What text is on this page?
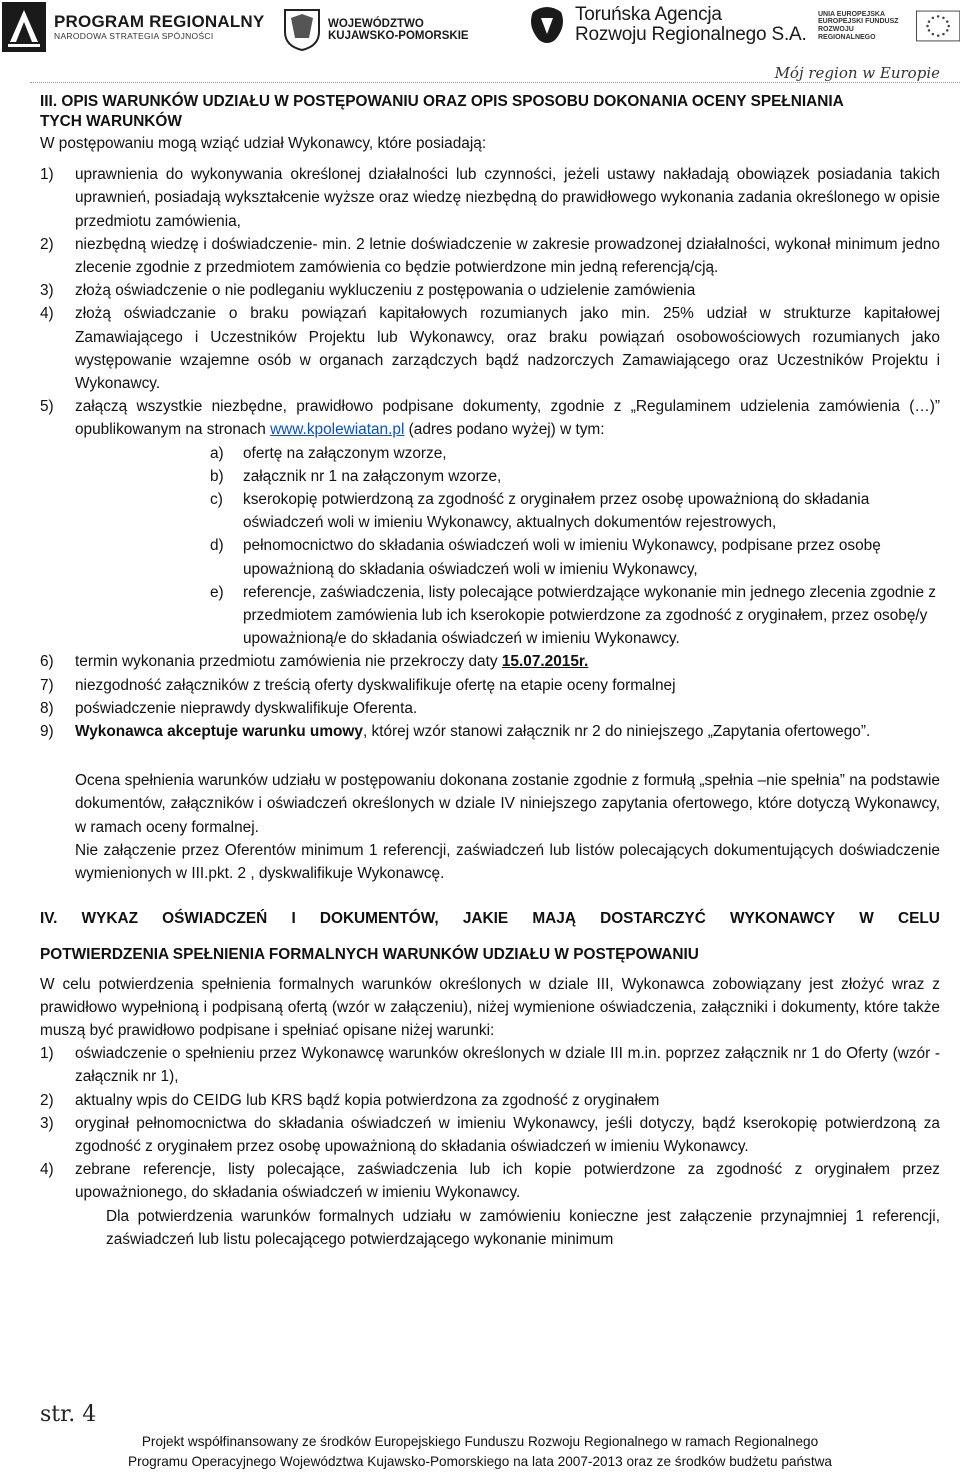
PROGRAM REGIONALNY
NARODOWA STRATEGIA SPÓJNOŚCI
WOJEWÓDZTWO
KUJAWSKO-POMORSKIE
Toruńska Agencja
Rozwoju Regionalnego S.A.
UNIA EUROPEJSKA
EUROPEJSKI FUNDUSZ
ROZWOJU REGIONALNEGO
Mój region w Europie

III. OPIS WARUNKÓW UDZIAŁU W POSTĘPOWANIU ORAZ OPIS SPOSOBU DOKONANIA OCENY SPEŁNIANIA

TYCH WARUNKÓW

W postępowaniu mogą wziąć udział Wykonawcy, które posiadają:

1)	uprawnienia do wykonywania określonej działalności lub czynności, jeżeli ustawy nakładają obowiązek posiadania takich uprawnień, posiadają wykształcenie wyższe oraz wiedzę niezbędną do prawidłowego wykonania zadania określonego w opisie przedmiotu zamówienia,
2)	niezbędną wiedzę i doświadczenie- min. 2 letnie doświadczenie w zakresie prowadzonej działalności, wykonał minimum jedno zlecenie zgodnie z przedmiotem zamówienia co będzie potwierdzone min jedną referencją/cją.
3)	złożą oświadczenie o nie podleganiu wykluczeniu z postępowania o udzielenie zamówienia
4)	złożą oświadczanie o braku powiązań kapitałowych rozumianych jako min. 25% udział w strukturze kapitałowej Zamawiającego i Uczestników Projektu lub Wykonawcy, oraz braku powiązań osobowościowych rozumianych jako występowanie wzajemne osób w organach zarządczych bądź nadzorczych Zamawiającego oraz Uczestników Projektu i Wykonawcy.
5)	załączą wszystkie niezbędne, prawidłowo podpisane dokumenty, zgodnie z „Regulaminem udzielenia zamówienia (…)” opublikowanym na stronach www.kpolewiatan.pl (adres podano wyżej) w tym:
a)	ofertę na załączonym wzorze,
b)	załącznik nr 1 na załączonym wzorze,
c)	kserokopię potwierdzoną za zgodność z oryginałem przez osobę upoważnioną do składania oświadczeń woli w imieniu Wykonawcy, aktualnych dokumentów rejestrowych,
d)	pełnomocnictwo do składania oświadczeń woli w imieniu Wykonawcy, podpisane przez osobę upoważnioną do składania oświadczeń woli w imieniu Wykonawcy,
e)	referencje, zaświadczenia, listy polecające potwierdzające wykonanie min jednego zlecenia zgodnie z przedmiotem zamówienia lub ich kserokopie potwierdzone za zgodność z oryginałem, przez osobę/y upoważnioną/e do składania oświadczeń w imieniu Wykonawcy.
6)	termin wykonania przedmiotu zamówienia nie przekroczy daty 15.07.2015r.
7)	niezgodność załączników z treścią oferty dyskwalifikuje ofertę na etapie oceny formalnej
8)	poświadczenie nieprawdy dyskwalifikuje Oferenta.
9)	Wykonawca akceptuje warunku umowy, której wzór stanowi załącznik nr 2 do niniejszego „Zapytania ofertowego”.

Ocena spełnienia warunków udziału w postępowaniu dokonana zostanie zgodnie z formułą „spełnia –nie spełnia” na podstawie dokumentów, załączników i oświadczeń określonych w dziale IV niniejszego zapytania ofertowego, które dotyczą Wykonawcy, w ramach oceny formalnej.

Nie załączenie przez Oferentów minimum 1 referencji, zaświadczeń lub listów polecających dokumentujących doświadczenie wymienionych w III.pkt. 2 , dyskwalifikuje Wykonawcę.

IV. WYKAZ OŚWIADCZEŃ I DOKUMENTÓW, JAKIE MAJĄ DOSTARCZYĆ WYKONAWCY W CELU

POTWIERDZENIA SPEŁNIENIA FORMALNYCH WARUNKÓW UDZIAŁU W POSTĘPOWANIU

W celu potwierdzenia spełnienia formalnych warunków określonych w dziale III, Wykonawca zobowiązany jest złożyć wraz z prawidłowo wypełnioną i podpisaną ofertą (wzór w załączeniu), niżej wymienione oświadczenia, załączniki i dokumenty, które także muszą być prawidłowo podpisane i spełniać opisane niżej warunki:

1)	oświadczenie o spełnieniu przez Wykonawcę warunków określonych w dziale III m.in. poprzez załącznik nr 1 do Oferty (wzór - załącznik nr 1),
2)	aktualny wpis do CEIDG lub KRS bądź kopia potwierdzona za zgodność z oryginałem
3)	oryginał pełnomocnictwa do składania oświadczeń w imieniu Wykonawcy, jeśli dotyczy, bądź kserokopię potwierdzoną za zgodność z oryginałem przez osobę upoważnioną do składania oświadczeń w imieniu Wykonawcy.
4)	zebrane referencje, listy polecające, zaświadczenia lub ich kopie potwierdzone za zgodność z oryginałem przez upoważnionego, do składania oświadczeń w imieniu Wykonawcy.

Dla potwierdzenia warunków formalnych udziału w zamówieniu konieczne jest załączenie przynajmniej 1 referencji, zaświadczeń lub listu polecającego potwierdzającego wykonanie minimum

str. 4
Projekt współfinansowany ze środków Europejskiego Funduszu Rozwoju Regionalnego w ramach Regionalnego
Programu Operacyjnego Województwa Kujawsko-Pomorskiego na lata 2007-2013 oraz ze środków budżetu państwa
